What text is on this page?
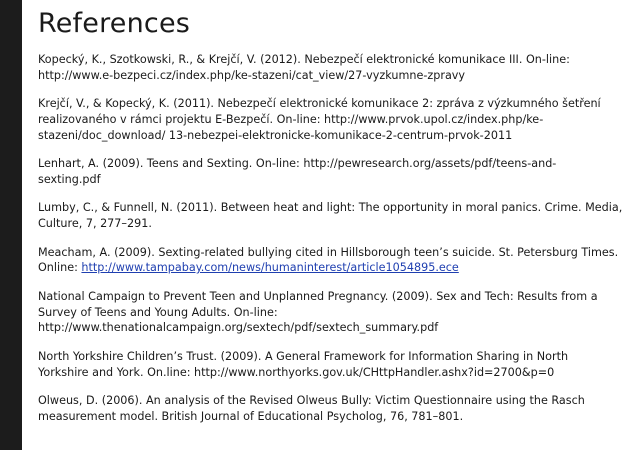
References
Kopecký, K., Szotkowski, R., & Krejčí, V. (2012). Nebezpečí elektronické komunikace III. On-line:
http://www.e-bezpeci.cz/index.php/ke-stazeni/cat_view/27-vyzkumne-zpravy
Krejčí, V., & Kopecký, K. (2011). Nebezpečí elektronické komunikace 2: zpráva z výzkumného šetření
realizovaného v rámci projektu E-Bezpečí. On-line: http://www.prvok.upol.cz/index.php/ke-
stazeni/doc_download/ 13-nebezpei-elektronicke-komunikace-2-centrum-prvok-2011
Lenhart, A. (2009). Teens and Sexting. On-line: http://pewresearch.org/assets/pdf/teens-and-
sexting.pdf
Lumby, C., & Funnell, N. (2011). Between heat and light: The opportunity in moral panics. Crime. Media,
Culture, 7, 277–291.
Meacham, A. (2009). Sexting-related bullying cited in Hillsborough teen’s suicide. St. Petersburg Times.
Online: http://www.tampabay.com/news/humaninterest/article1054895.ece
National Campaign to Prevent Teen and Unplanned Pregnancy. (2009). Sex and Tech: Results from a
Survey of Teens and Young Adults. On-line:
http://www.thenationalcampaign.org/sextech/pdf/sextech_summary.pdf
North Yorkshire Children’s Trust. (2009). A General Framework for Information Sharing in North
Yorkshire and York. On.line: http://www.northyorks.gov.uk/CHttpHandler.ashx?id=2700&p=0
Olweus, D. (2006). An analysis of the Revised Olweus Bully: Victim Questionnaire using the Rasch
measurement model. British Journal of Educational Psycholog, 76, 781–801.
